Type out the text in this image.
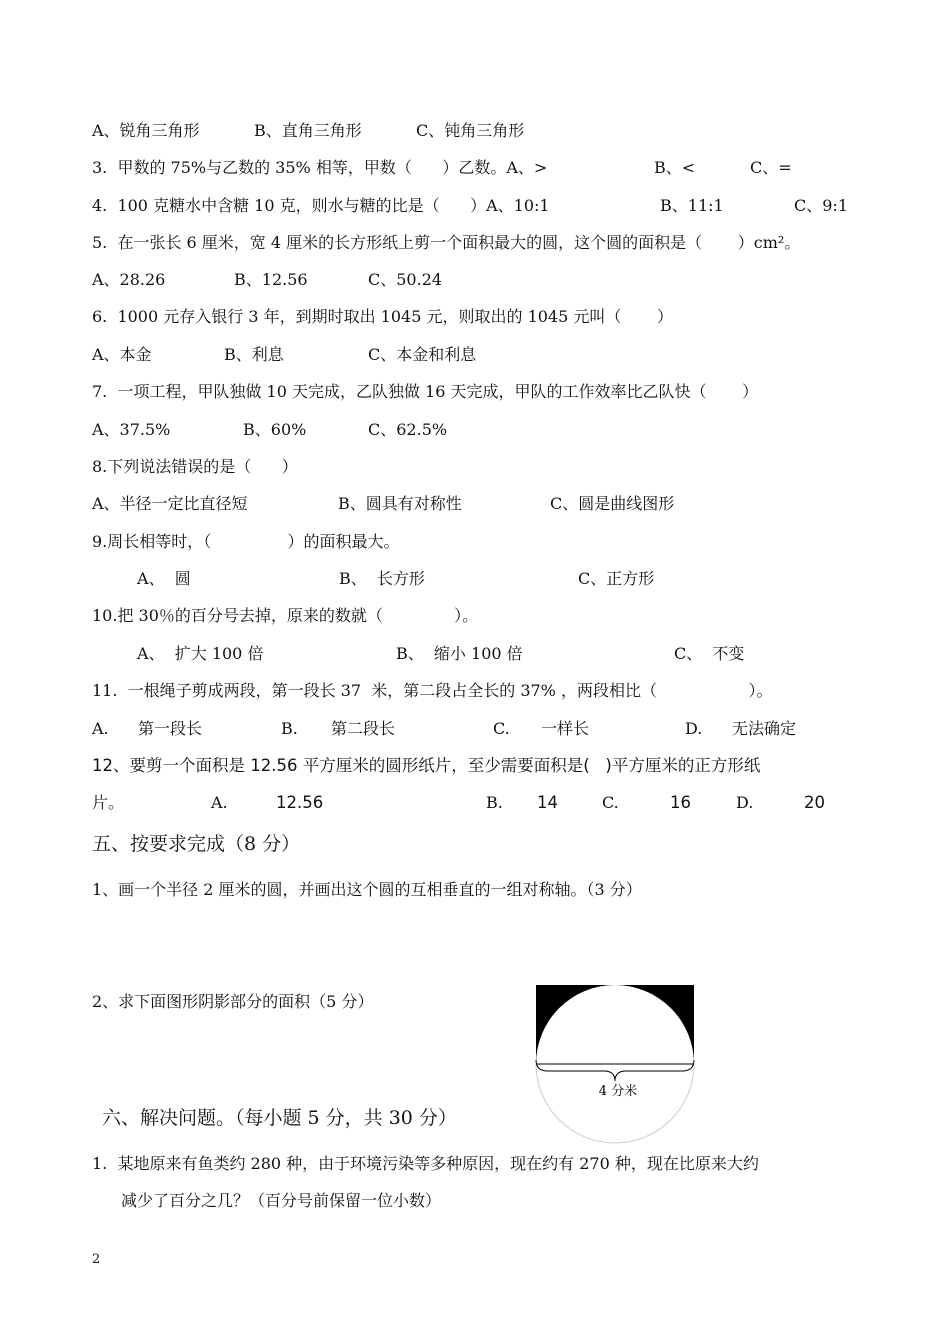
A、锐角三角形

	B、直角三角形

	C、钝角三角形

3.  甲数的 75%与乙数的 35% 相等，甲数（      ）乙数。A、>

	B、<

	C、=

4.  100 克糖水中含糖 10 克，则水与糖的比是（      ）A、10:1

	B、11:1

	C、9:1

5.  在一张长 6 厘米，宽 4 厘米的长方形纸上剪一个面积最大的圆，这个圆的面积是（       ）cm²。

A、28.26

	B、12.56

	C、50.24

6.  1000 元存入银行 3 年，到期时取出 1045 元，则取出的 1045 元叫（       ）

A、本金

	B、利息

	C、本金和利息

7.  一项工程，甲队独做 10 天完成，乙队独做 16 天完成，甲队的工作效率比乙队快（       ）

A、37.5%

	B、60%

	C、62.5%

8.下列说法错误的是（      ）

A、半径一定比直径短

	B、圆具有对称性

	C、圆是曲线图形

9.周长相等时，（               ）的面积最大。

A、  圆

	B、  长方形

	C、正方形

10.把 30％的百分号去掉，原来的数就（              ）。

A、  扩大 100 倍

	B、  缩小 100 倍

	C、  不变

11.  一根绳子剪成两段，第一段长 37  米，第二段占全长的 37% ，两段相比（                  ）。

A.

第一段长

	B.

第二段长

	C.

一样长

	D.

无法确定

12、要剪一个面积是 12.56 平方厘米的圆形纸片，至少需要面积是(   )平方厘米的正方形纸

片。

	A.

	12.56

	B.

14

	C.

	16

	D.

	20

五、按要求完成（8 分）

1、画一个半径 2 厘米的圆，并画出这个圆的互相垂直的一组对称轴。（3 分）

2、求下面图形阴影部分的面积（5 分）

4 分米

六、解决问题。（每小题 5 分，共 30 分）

1.  某地原来有鱼类约 280 种，由于环境污染等多种原因，现在约有 270 种，现在比原来大约

减少了百分之几？（百分号前保留一位小数）

2
